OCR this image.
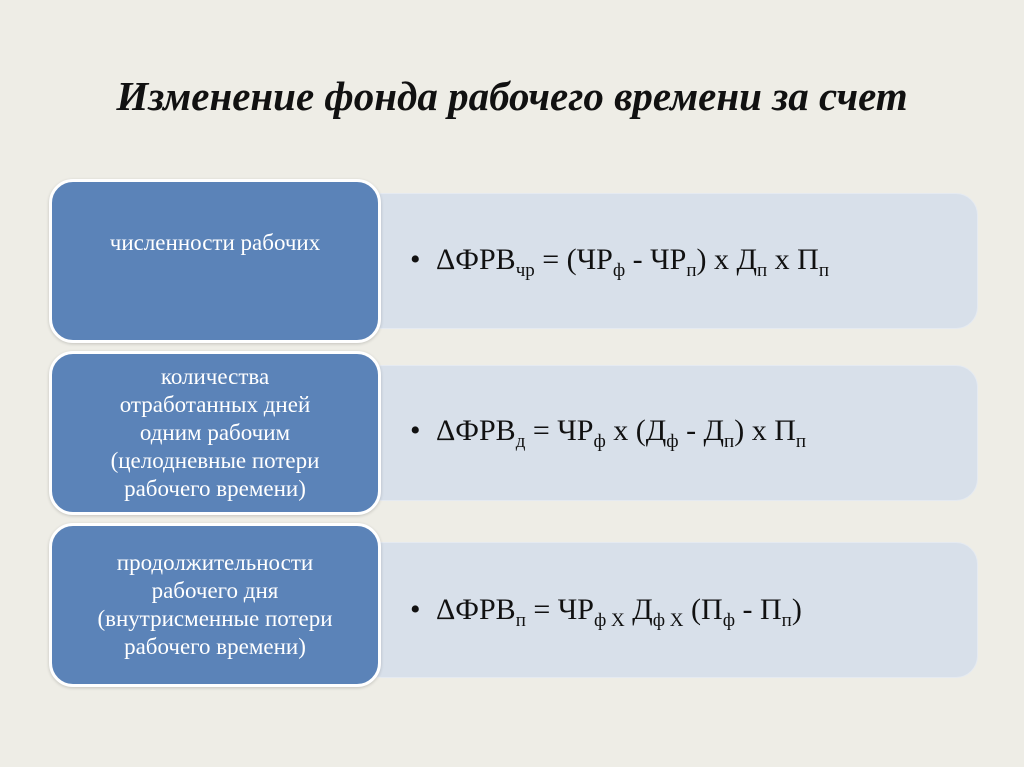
Изменение фонда рабочего времени за счет
численности рабочих
• $\Delta ФРВ_{чр} = (ЧР_ф - ЧР_п)$ х $Д_п$ х $П_п$
количества
отработанных дней
одним рабочим
(целодневные потери
рабочего времени)
• $\Delta ФРВ_д = ЧР_ф$ х $(Д_ф - Д_п)$ х $П_п$
продолжительности
рабочего дня
(внутрисменные потери
рабочего времени)
• $\Delta ФРВ_п = ЧР_{ф Х}$ $Д_{ф Х}$ $(П_ф - П_п)$
